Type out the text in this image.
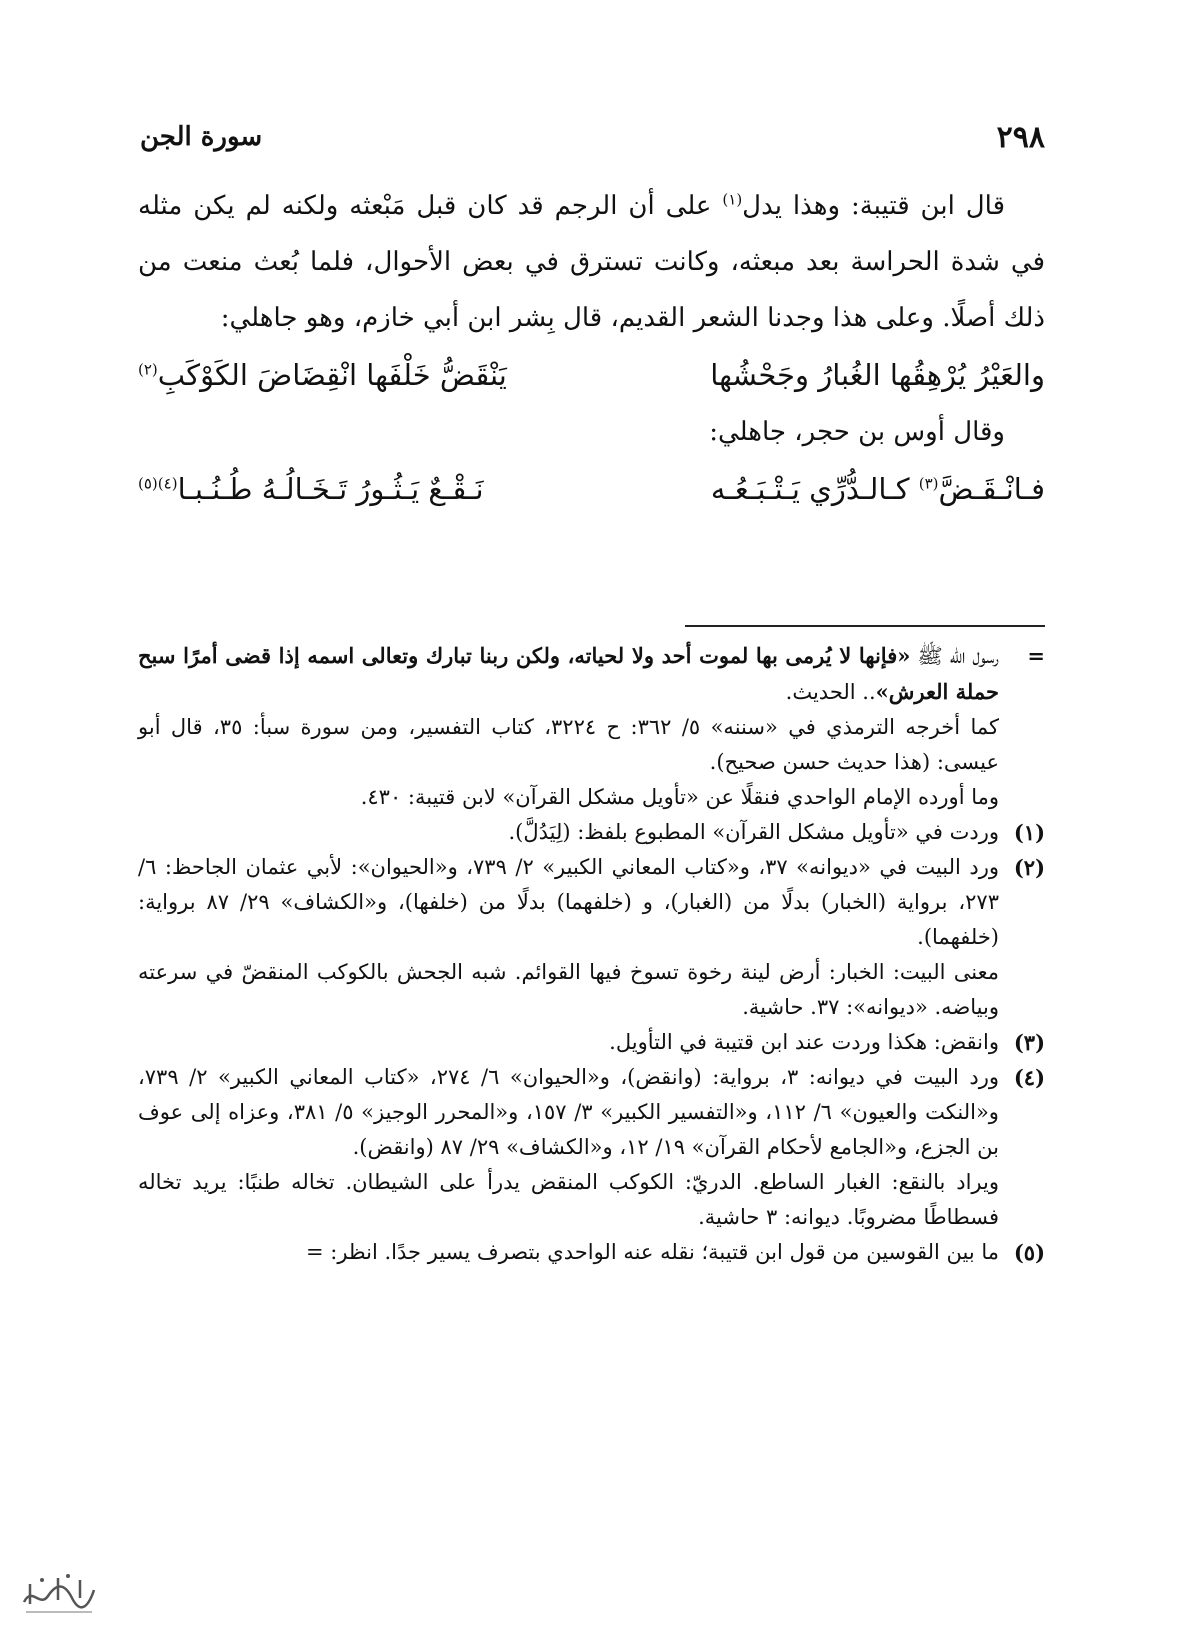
٢٩٨
سورة الجن

قال ابن قتيبة: وهذا يدل$^{(١)}$ على أن الرجم قد كان قبل مَبْعثه ولكنه لم يكن مثله في شدة الحراسة بعد مبعثه، وكانت تسترق في بعض الأحوال، فلما بُعث منعت من ذلك أصلًا. وعلى هذا وجدنا الشعر القديم، قال بِشر ابن أبي خازم، وهو جاهلي:

والعَيْرُ يُرْهِقُها الغُبارُ وجَحْشُها
يَنْقَضُّ خَلْفَها انْقِضَاضَ الكَوْكَبِ$^{(٢)}$

وقال أوس بن حجر، جاهلي:

فـانْـقَـضَّ$^{(٣)}$ كـالـدُّرِّي يَـتْـبَـعُـه
نَـقْـعٌ يَـثُـورُ تَـخَـالُـهُ طُـنُـبـا$^{(٤)(٥)}$
=
رسول الله ﷺ «فإنها لا يُرمى بها لموت أحد ولا لحياته، ولكن ربنا تبارك وتعالى اسمه إذا قضى أمرًا سبح حملة العرش».. الحديث.

كما أخرجه الترمذي في «سننه» ٥/ ٣٦٢: ح ٣٢٢٤، كتاب التفسير، ومن سورة سبأ: ٣٥، قال أبو عيسى: (هذا حديث حسن صحيح).

وما أورده الإمام الواحدي فنقلًا عن «تأويل مشكل القرآن» لابن قتيبة: ٤٣٠.

(١)
وردت في «تأويل مشكل القرآن» المطبوع بلفظ: (لِيَدُلَّ).
(٢)
ورد البيت في «ديوانه» ٣٧، و«كتاب المعاني الكبير» ٢/ ٧٣٩، و«الحيوان»: لأبي عثمان الجاحظ: ٦/ ٢٧٣، برواية (الخبار) بدلًا من (الغبار)، و (خلفهما) بدلًا من (خلفها)، و«الكشاف» ٢٩/ ٨٧ برواية: (خلفهما).

معنى البيت: الخبار: أرض لينة رخوة تسوخ فيها القوائم. شبه الجحش بالكوكب المنقضّ في سرعته وبياضه. «ديوانه»: ٣٧. حاشية.

(٣)
وانقض: هكذا وردت عند ابن قتيبة في التأويل.
(٤)
ورد البيت في ديوانه: ٣، برواية: (وانقض)، و«الحيوان» ٦/ ٢٧٤، «كتاب المعاني الكبير» ٢/ ٧٣٩، و«النكت والعيون» ٦/ ١١٢، و«التفسير الكبير» ٣/ ١٥٧، و«المحرر الوجيز» ٥/ ٣٨١، وعزاه إلى عوف بن الجزع، و«الجامع لأحكام القرآن» ١٩/ ١٢، و«الكشاف» ٢٩/ ٨٧ (وانقض).

ويراد بالنقع: الغبار الساطع. الدريّ: الكوكب المنقض يدرأ على الشيطان. تخاله طنبًا: يريد تخاله فسطاطًا مضروبًا. ديوانه: ٣ حاشية.

(٥)
ما بين القوسين من قول ابن قتيبة؛ نقله عنه الواحدي بتصرف يسير جدًا. انظر: =
